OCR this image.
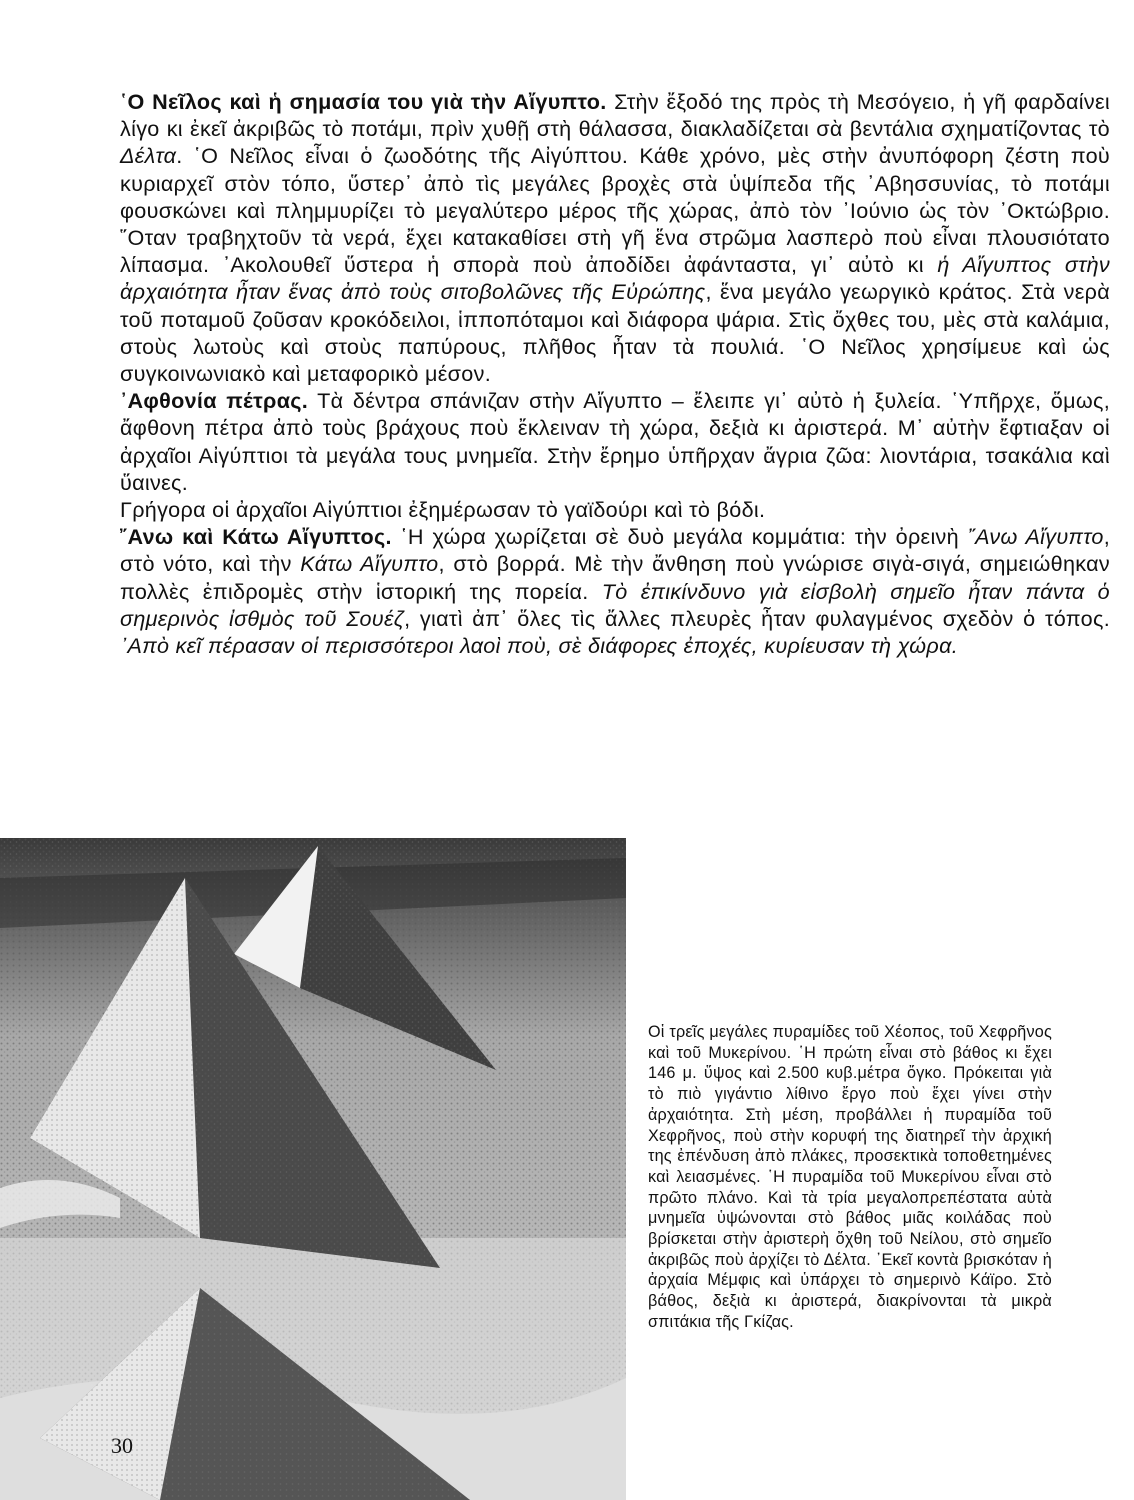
῾Ο Νεῖλος καὶ ἡ σημασία του γιὰ τὴν Αἴγυπτο. Στὴν ἔξοδό της πρὸς τὴ Μεσόγειο, ἡ γῆ φαρδαίνει λίγο κι ἐκεῖ ἀκριβῶς τὸ ποτάμι, πρὶν χυθῇ στὴ θάλασσα, διακλαδίζεται σὰ βεντάλια σχηματίζοντας τὸ Δέλτα. ῾Ο Νεῖλος εἶναι ὁ ζωοδότης τῆς Αἰγύπτου. Κάθε χρόνο, μὲς στὴν ἀνυπόφορη ζέστη ποὺ κυριαρχεῖ στὸν τόπο, ὕστερ᾿ ἀπὸ τὶς μεγάλες βροχὲς στὰ ὑψίπεδα τῆς ᾿Αβησσυνίας, τὸ ποτάμι φουσκώνει καὶ πλημμυρίζει τὸ μεγαλύτερο μέρος τῆς χώρας, ἀπὸ τὸν ᾿Ιούνιο ὡς τὸν ᾿Οκτώβριο. ῞Οταν τραβηχτοῦν τὰ νερά, ἔχει κατακαθίσει στὴ γῆ ἕνα στρῶμα λασπερὸ ποὺ εἶναι πλουσιότατο λίπασμα. ᾿Ακολουθεῖ ὕστερα ἡ σπορὰ ποὺ ἀποδίδει ἀφάνταστα, γι᾿ αὐτὸ κι ἡ Αἴγυπτος στὴν ἀρχαιότητα ἦταν ἕνας ἀπὸ τοὺς σιτοβολῶνες τῆς Εὐρώπης, ἕνα μεγάλο γεωργικὸ κράτος. Στὰ νερὰ τοῦ ποταμοῦ ζοῦσαν κροκόδειλοι, ἱπποπόταμοι καὶ διάφορα ψάρια. Στὶς ὄχθες του, μὲς στὰ καλάμια, στοὺς λωτοὺς καὶ στοὺς παπύρους, πλῆθος ἦταν τὰ πουλιά. ῾Ο Νεῖλος χρησίμευε καὶ ὡς συγκοινωνιακὸ καὶ μεταφορικὸ μέσον.

᾿Αφθονία πέτρας. Τὰ δέντρα σπάνιζαν στὴν Αἴγυπτο – ἔλειπε γι᾿ αὐτὸ ἡ ξυλεία. ῾Υπῆρχε, ὅμως, ἄφθονη πέτρα ἀπὸ τοὺς βράχους ποὺ ἔκλειναν τὴ χώρα, δεξιὰ κι ἀριστερά. Μ᾿ αὐτὴν ἔφτιαξαν οἱ ἀρχαῖοι Αἰγύπτιοι τὰ μεγάλα τους μνημεῖα. Στὴν ἔρημο ὑπῆρχαν ἄγρια ζῶα: λιοντάρια, τσακάλια καὶ ὕαινες.

Γρήγορα οἱ ἀρχαῖοι Αἰγύπτιοι ἐξημέρωσαν τὸ γαϊδούρι καὶ τὸ βόδι.

῎Ανω καὶ Κάτω Αἴγυπτος. ῾Η χώρα χωρίζεται σὲ δυὸ μεγάλα κομμάτια: τὴν ὀρεινὴ ῎Ανω Αἴγυπτο, στὸ νότο, καὶ τὴν Κάτω Αἴγυπτο, στὸ βορρά. Μὲ τὴν ἄνθηση ποὺ γνώρισε σιγὰ-σιγά, σημειώθηκαν πολλὲς ἐπιδρομὲς στὴν ἱστορική της πορεία. Τὸ ἐπικίνδυνο γιὰ εἰσβολὴ σημεῖο ἦταν πάντα ὁ σημερινὸς ἰσθμὸς τοῦ Σουέζ, γιατὶ ἀπ᾿ ὅλες τὶς ἄλλες πλευρὲς ἦταν φυλαγμένος σχεδὸν ὁ τόπος. ᾿Απὸ κεῖ πέρασαν οἱ περισσότεροι λαοὶ ποὺ, σὲ διάφορες ἐποχές, κυρίευσαν τὴ χώρα.

Οἱ τρεῖς μεγάλες πυραμίδες τοῦ Χέοπος, τοῦ Χεφρῆνος καὶ τοῦ Μυκερίνου. ῾Η πρώτη εἶναι στὸ βάθος κι ἔχει 146 μ. ὕψος καὶ 2.500 κυβ.μέτρα ὄγκο. Πρόκειται γιὰ τὸ πιὸ γιγάντιο λίθινο ἔργο ποὺ ἔχει γίνει στὴν ἀρχαιότητα. Στὴ μέση, προβάλλει ἡ πυραμίδα τοῦ Χεφρῆνος, ποὺ στὴν κορυφή της διατηρεῖ τὴν ἀρχική της ἐπένδυση ἀπὸ πλάκες, προσεκτικὰ τοποθετημένες καὶ λειασμένες. ῾Η πυραμίδα τοῦ Μυκερίνου εἶναι στὸ πρῶτο πλάνο. Καὶ τὰ τρία μεγαλοπρεπέστατα αὐτὰ μνημεῖα ὑψώνονται στὸ βάθος μιᾶς κοιλάδας ποὺ βρίσκεται στὴν ἀριστερὴ ὄχθη τοῦ Νείλου, στὸ σημεῖο ἀκριβῶς ποὺ ἀρχίζει τὸ Δέλτα. ᾿Εκεῖ κοντὰ βρισκόταν ἡ ἀρχαία Μέμφις καὶ ὑπάρχει τὸ σημερινὸ Κάϊρο. Στὸ βάθος, δεξιὰ κι ἀριστερά, διακρίνονται τὰ μικρὰ σπιτάκια τῆς Γκίζας.
30
